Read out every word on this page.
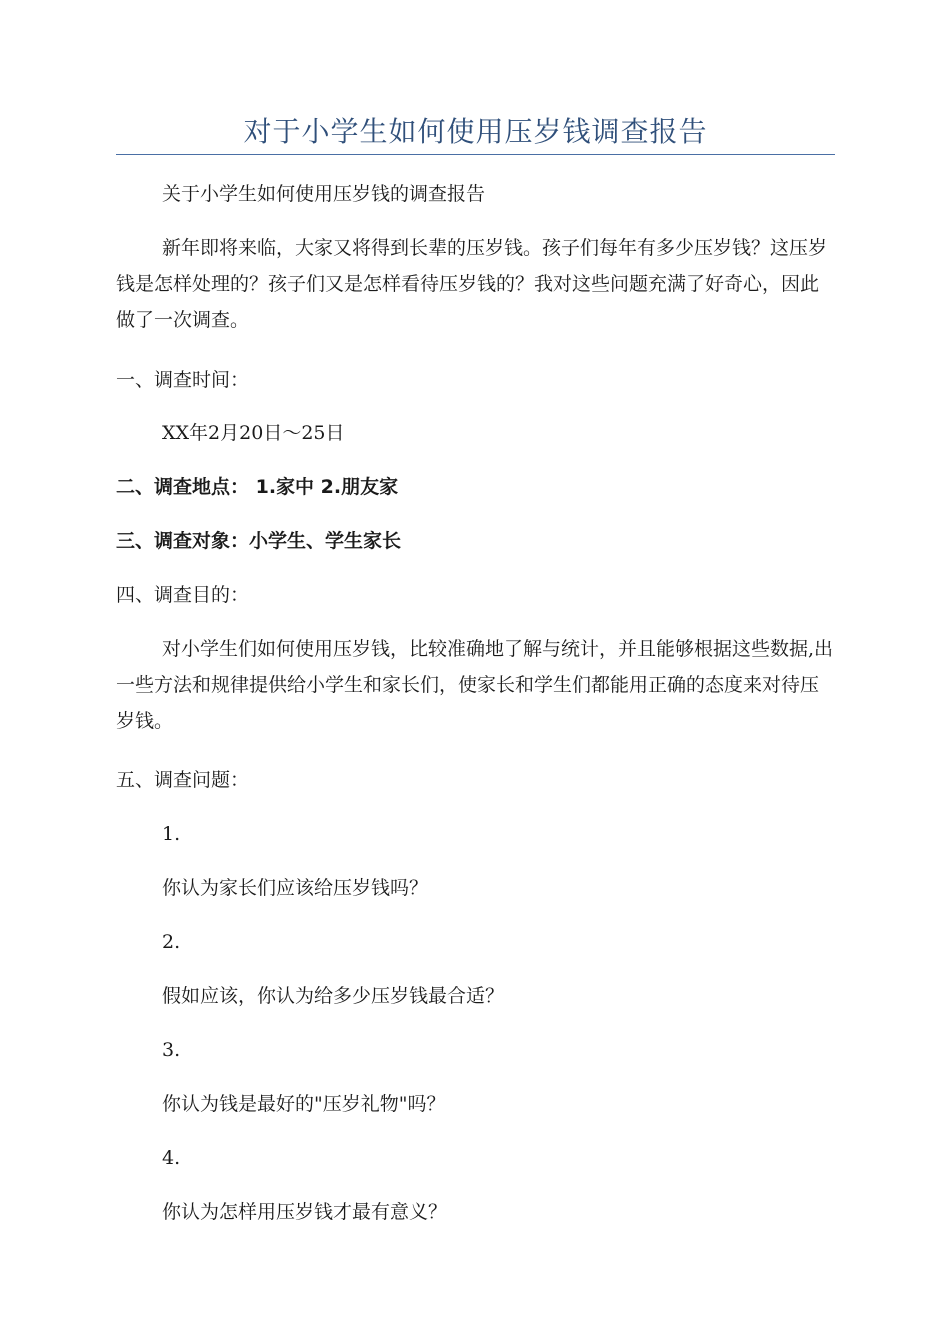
对于小学生如何使用压岁钱调查报告

关于小学生如何使用压岁钱的调查报告

新年即将来临，大家又将得到长辈的压岁钱。孩子们每年有多少压岁钱？这压岁钱是怎样处理的？孩子们又是怎样看待压岁钱的？我对这些问题充满了好奇心，因此做了一次调查。

一、调查时间：

XX年2月20日～25日

二、调查地点： 1.家中 2.朋友家

三、调查对象：小学生、学生家长

四、调查目的：

对小学生们如何使用压岁钱，比较准确地了解与统计，并且能够根据这些数据,出一些方法和规律提供给小学生和家长们，使家长和学生们都能用正确的态度来对待压岁钱。

五、调查问题：

1.

你认为家长们应该给压岁钱吗？

2.

假如应该，你认为给多少压岁钱最合适？

3.

你认为钱是最好的"压岁礼物"吗？

4.

你认为怎样用压岁钱才最有意义？
